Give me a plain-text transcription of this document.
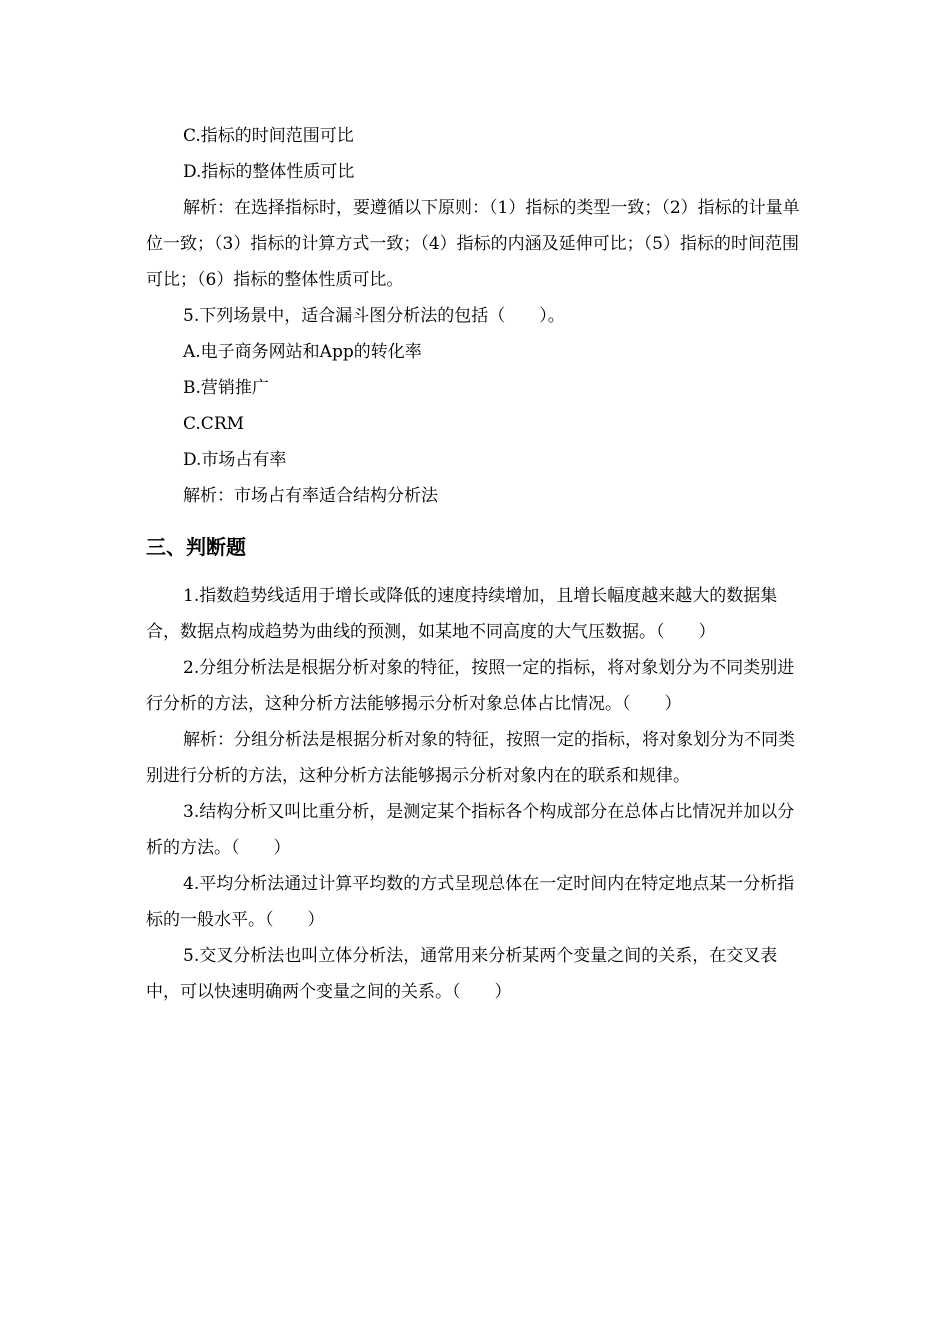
C.指标的时间范围可比

D.指标的整体性质可比

解析：在选择指标时，要遵循以下原则：（1）指标的类型一致；（2）指标的计量单位一致；（3）指标的计算方式一致；（4）指标的内涵及延伸可比；（5）指标的时间范围可比；（6）指标的整体性质可比。

5.下列场景中，适合漏斗图分析法的包括（　　）。

A.电子商务网站和App的转化率

B.营销推广

C.CRM

D.市场占有率

解析：市场占有率适合结构分析法

三、判断题

1.指数趋势线适用于增长或降低的速度持续增加，且增长幅度越来越大的数据集合，数据点构成趋势为曲线的预测，如某地不同高度的大气压数据。（　　）

2.分组分析法是根据分析对象的特征，按照一定的指标，将对象划分为不同类别进行分析的方法，这种分析方法能够揭示分析对象总体占比情况。（　　）

解析：分组分析法是根据分析对象的特征，按照一定的指标，将对象划分为不同类别进行分析的方法，这种分析方法能够揭示分析对象内在的联系和规律。

3.结构分析又叫比重分析，是测定某个指标各个构成部分在总体占比情况并加以分析的方法。（　　）

4.平均分析法通过计算平均数的方式呈现总体在一定时间内在特定地点某一分析指标的一般水平。（　　）

5.交叉分析法也叫立体分析法，通常用来分析某两个变量之间的关系，在交叉表中，可以快速明确两个变量之间的关系。（　　）
